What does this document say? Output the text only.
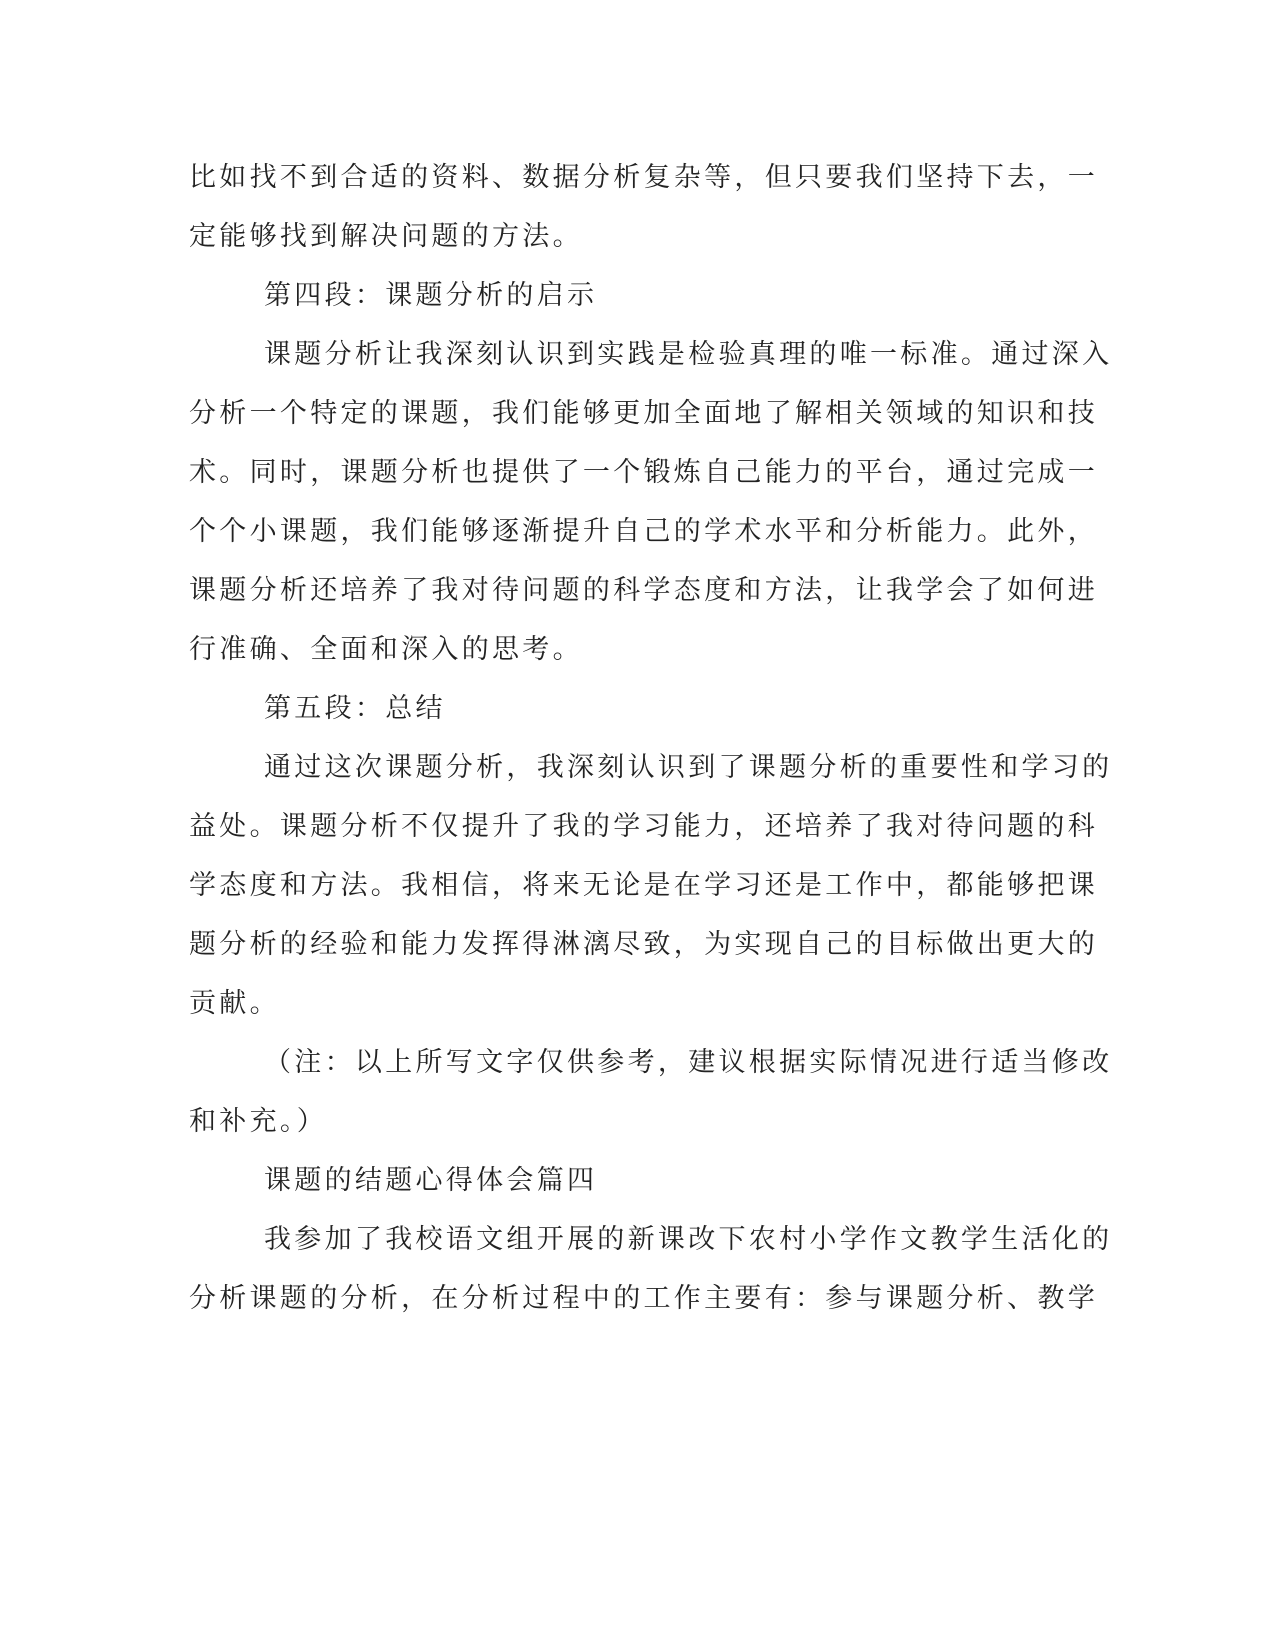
比如找不到合适的资料、数据分析复杂等，但只要我们坚持下去，一
定能够找到解决问题的方法。
第四段：课题分析的启示
课题分析让我深刻认识到实践是检验真理的唯一标准。通过深入
分析一个特定的课题，我们能够更加全面地了解相关领域的知识和技
术。同时，课题分析也提供了一个锻炼自己能力的平台，通过完成一
个个小课题，我们能够逐渐提升自己的学术水平和分析能力。此外，
课题分析还培养了我对待问题的科学态度和方法，让我学会了如何进
行准确、全面和深入的思考。
第五段：总结
通过这次课题分析，我深刻认识到了课题分析的重要性和学习的
益处。课题分析不仅提升了我的学习能力，还培养了我对待问题的科
学态度和方法。我相信，将来无论是在学习还是工作中，都能够把课
题分析的经验和能力发挥得淋漓尽致，为实现自己的目标做出更大的
贡献。
（注：以上所写文字仅供参考，建议根据实际情况进行适当修改
和补充。）
课题的结题心得体会篇四
我参加了我校语文组开展的新课改下农村小学作文教学生活化的
分析课题的分析，在分析过程中的工作主要有：参与课题分析、教学
